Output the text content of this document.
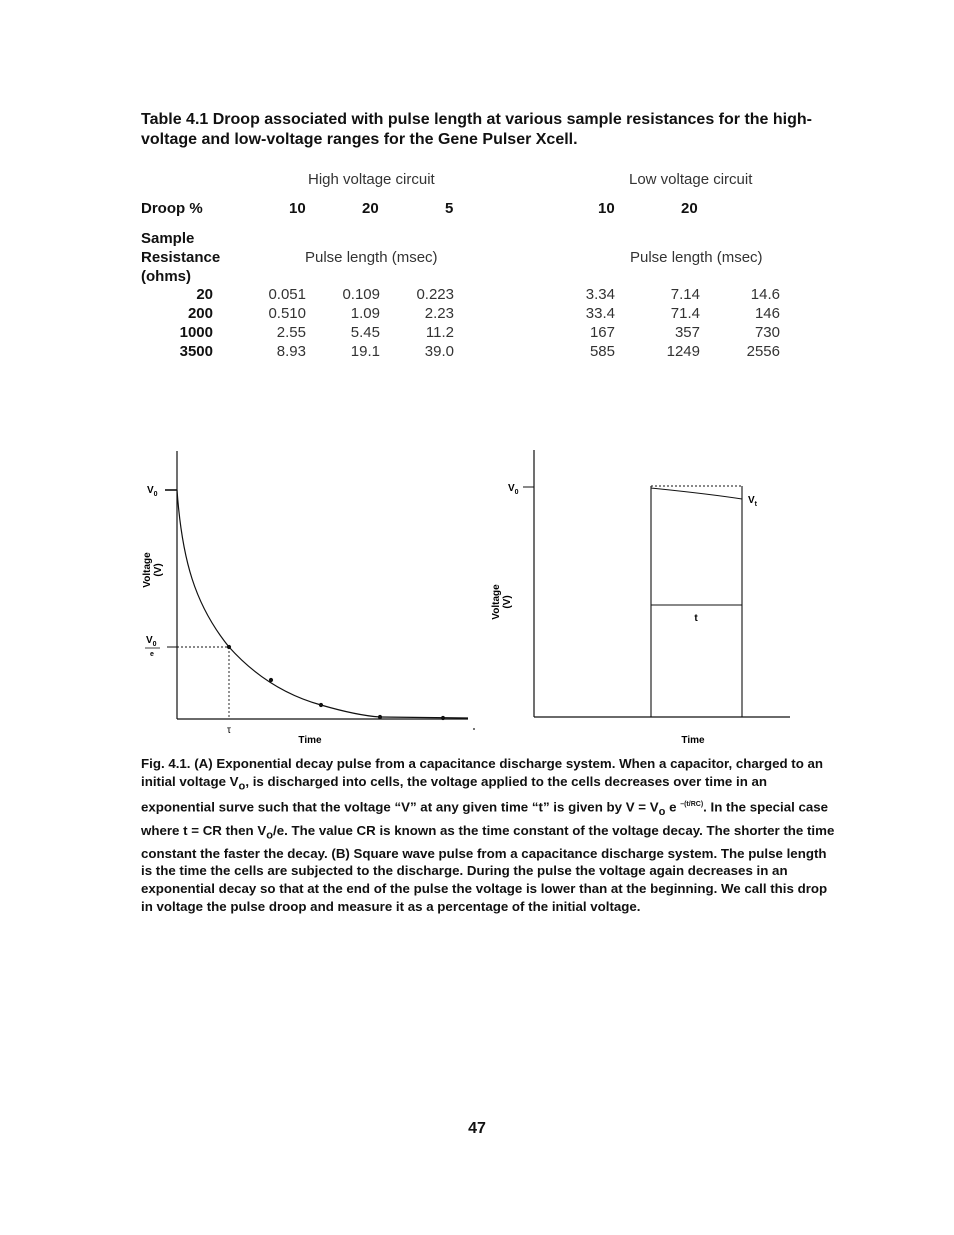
Table 4.1 Droop associated with pulse length at various sample resistances for the high-voltage and low-voltage ranges for the Gene Pulser Xcell.
High voltage circuit	Low voltage circuit
Droop %	10	20	5	10	20
Sample
Resistance
(ohms)
Pulse length (msec)	Pulse length (msec)
20	0.051	0.109	0.223	3.34	7.14	14.6
200	0.510	1.09	2.23	33.4	71.4	146
1000	2.55	5.45	11.2	167	357	730
3500	8.93	19.1	39.0	585	1249	2556
$V_0$
$V_0$
e
Voltage (V)
τ
Time
$V_0$
$V_t$
Voltage (V)
t
Time
Fig. 4.1. (A) Exponential decay pulse from a capacitance discharge system. When a capacitor, charged to an initial voltage $V_o$, is discharged into cells, the voltage applied to the cells decreases over time in an exponential surve such that the voltage “V” at any given time “t” is given by $V = V_o$ e $^{-(t/RC)}$. In the special case where t = CR then $V_o/e$. The value CR is known as the time constant of the voltage decay. The shorter the time constant the faster the decay. (B) Square wave pulse from a capacitance discharge system. The pulse length is the time the cells are subjected to the discharge. During the pulse the voltage again decreases in an exponential decay so that at the end of the pulse the voltage is lower than at the beginning. We call this drop in voltage the pulse droop and measure it as a percentage of the initial voltage.
47
